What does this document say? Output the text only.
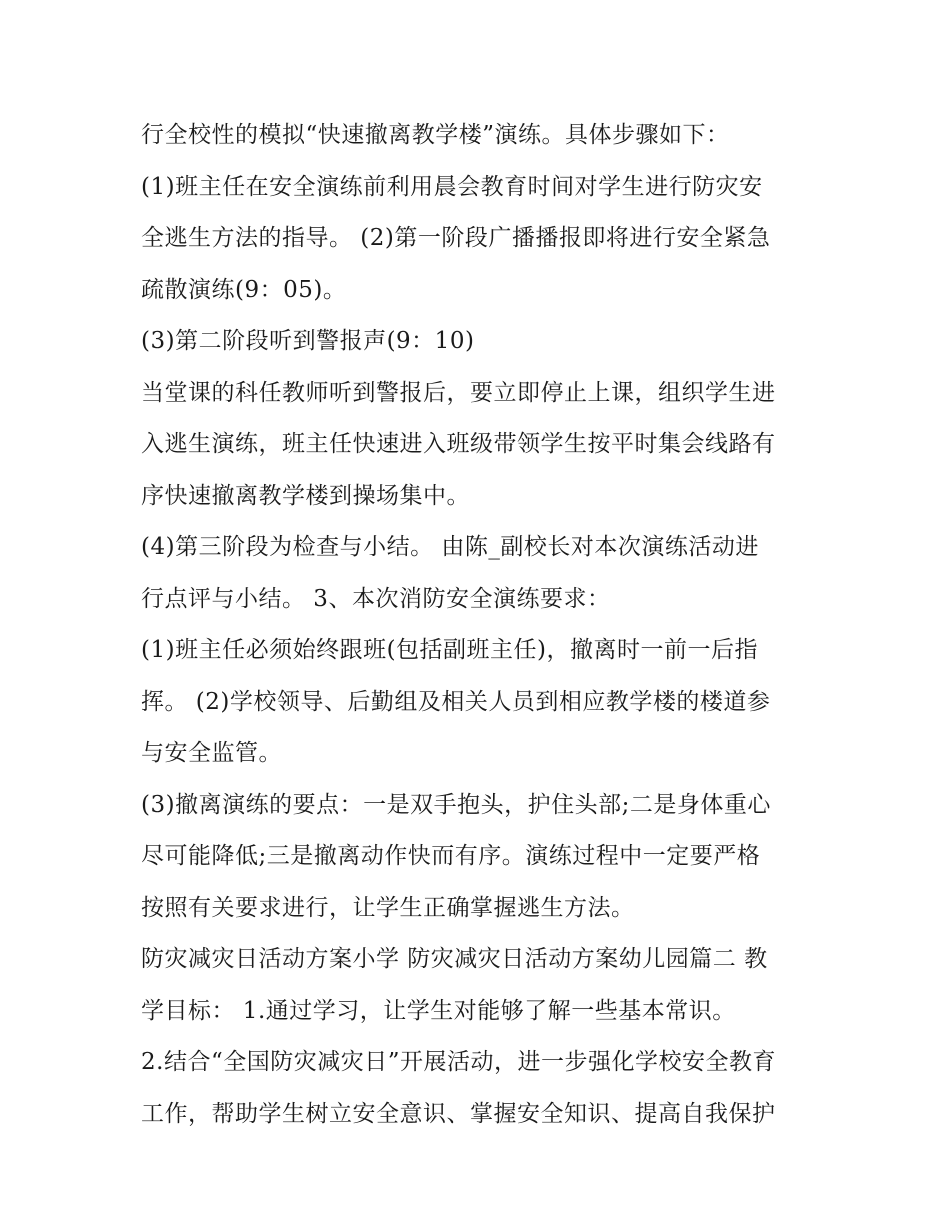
行全校性的模拟“快速撤离教学楼”演练。具体步骤如下：
(1)班主任在安全演练前利用晨会教育时间对学生进行防灾安
全逃生方法的指导。 (2)第一阶段广播播报即将进行安全紧急
疏散演练(9：05)。
(3)第二阶段听到警报声(9：10)
当堂课的科任教师听到警报后，要立即停止上课，组织学生进
入逃生演练，班主任快速进入班级带领学生按平时集会线路有
序快速撤离教学楼到操场集中。
(4)第三阶段为检查与小结。 由陈_副校长对本次演练活动进
行点评与小结。 3、本次消防安全演练要求：
(1)班主任必须始终跟班(包括副班主任)，撤离时一前一后指
挥。 (2)学校领导、后勤组及相关人员到相应教学楼的楼道参
与安全监管。
(3)撤离演练的要点：一是双手抱头，护住头部;二是身体重心
尽可能降低;三是撤离动作快而有序。演练过程中一定要严格
按照有关要求进行，让学生正确掌握逃生方法。
防灾减灾日活动方案小学 防灾减灾日活动方案幼儿园篇二 教
学目标： 1.通过学习，让学生对能够了解一些基本常识。
2.结合“全国防灾减灾日”开展活动，进一步强化学校安全教育
工作，帮助学生树立安全意识、掌握安全知识、提高自我保护
